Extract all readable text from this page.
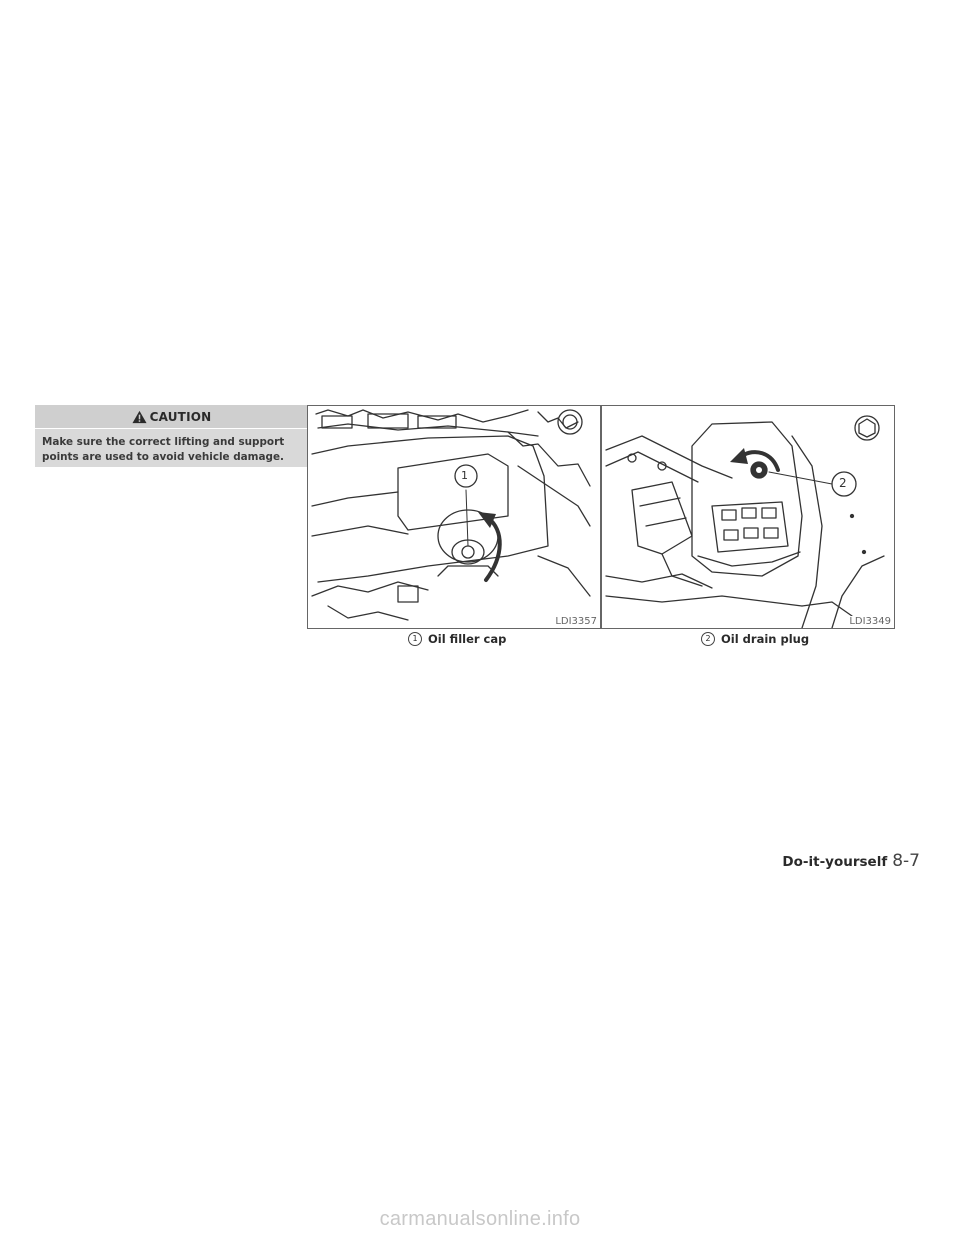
CAUTION
Make sure the correct lifting and support points are used to avoid vehicle damage.
1
LDI3357
2
LDI3349
1 Oil filler cap	2 Oil drain plug
Do-it-yourself 8-7
carmanualsonline.info
